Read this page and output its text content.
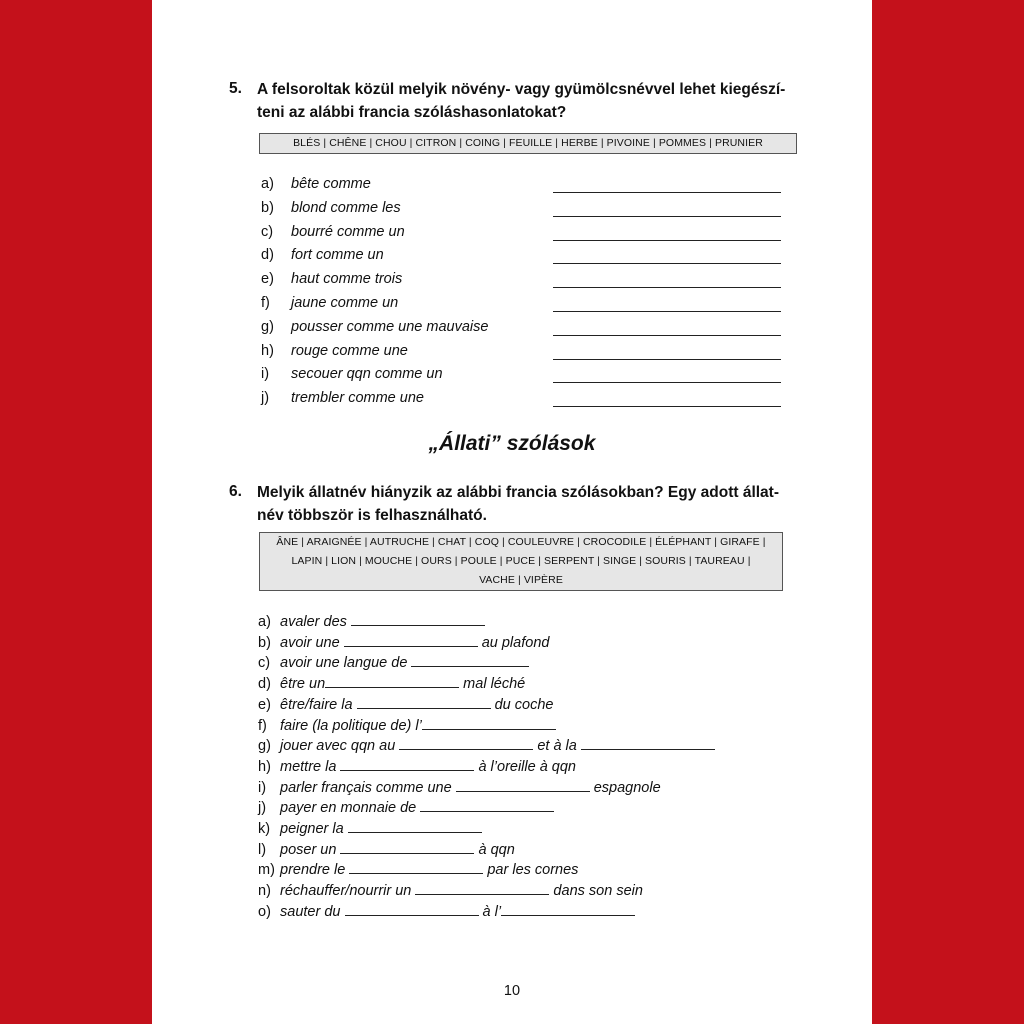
5. A felsoroltak közül melyik növény- vagy gyümölcsnévvel lehet kiegészí-
teni az alábbi francia szóláshasonlatokat?
BLÉS | CHÊNE | CHOU | CITRON | COING | FEUILLE | HERBE | PIVOINE | POMMES | PRUNIER
a) bête comme
b) blond comme les
c) bourré comme un
d) fort comme un
e) haut comme trois
f) jaune comme un
g) pousser comme une mauvaise
h) rouge comme une
i) secouer qqn comme un
j) trembler comme une
„Állati” szólások
6. Melyik állatnév hiányzik az alábbi francia szólásokban? Egy adott állat-
név többször is felhasználható.
ÂNE | ARAIGNÉE | AUTRUCHE | CHAT | COQ | COULEUVRE | CROCODILE | ÉLÉPHANT | GIRAFE |
LAPIN | LION | MOUCHE | OURS | POULE | PUCE | SERPENT | SINGE | SOURIS | TAUREAU |
VACHE | VIPÈRE
a) avaler des
b) avoir une	au plafond
c) avoir une langue de
d) être un	mal léché
e) être/faire la	du coche
f) faire (la politique de) l’
g) jouer avec qqn au	et à la
h) mettre la	à l’oreille à qqn
i) parler français comme une	espagnole
j) payer en monnaie de
k) peigner la
l) poser un	à qqn
m) prendre le	par les cornes
n) réchauffer/nourrir un	dans son sein
o) sauter du	à l’
10
